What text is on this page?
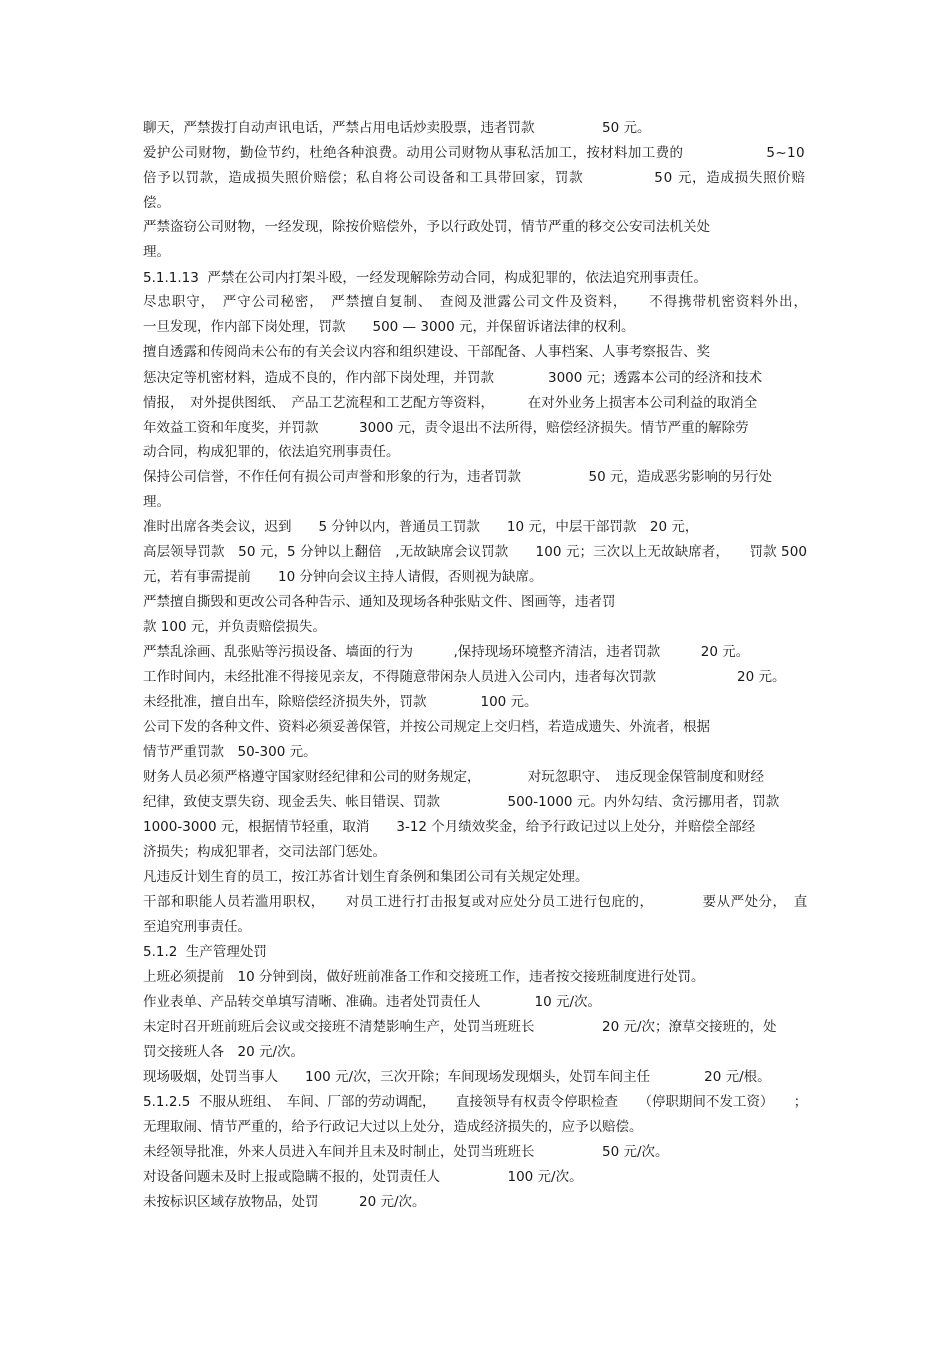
聊天，严禁拨打自动声讯电话，严禁占用电话炒卖股票，违者罚款　　　　　50 元。

爱护公司财物，勤俭节约，杜绝各种浪费。动用公司财物从事私活加工，按材料加工费的　　　　　　5~10

倍予以罚款，造成损失照价赔偿；私自将公司设备和工具带回家，罚款　　　　　50 元，造成损失照价赔

偿。

严禁盗窃公司财物，一经发现，除按价赔偿外，予以行政处罚，情节严重的移交公安司法机关处

理。

5.1.1.13  严禁在公司内打架斗殴，一经发现解除劳动合同，构成犯罪的，依法追究刑事责任。

尽忠职守，　严守公司秘密，　严禁擅自复制、　查阅及泄露公司文件及资料，　　不得携带机密资料外出，

一旦发现，作内部下岗处理，罚款　　500 — 3000 元，并保留诉诸法律的权利。

擅自透露和传阅尚未公布的有关会议内容和组织建设、干部配备、人事档案、人事考察报告、奖

惩决定等机密材料，造成不良的，作内部下岗处理，并罚款　　　　3000 元；透露本公司的经济和技术

情报，　对外提供图纸、　产品工艺流程和工艺配方等资料，　　　在对外业务上损害本公司利益的取消全

年效益工资和年度奖，并罚款　　　3000 元，责令退出不法所得，赔偿经济损失。情节严重的解除劳

动合同，构成犯罪的，依法追究刑事责任。

保持公司信誉，不作任何有损公司声誉和形象的行为，违者罚款　　　　　50 元，造成恶劣影响的另行处

理。

准时出席各类会议，迟到　　5 分钟以内，普通员工罚款　　10 元，中层干部罚款　20 元，

高层领导罚款　50 元，5 分钟以上翻倍　,无故缺席会议罚款　　100 元；三次以上无故缺席者，　　罚款 500

元，若有事需提前　　10 分钟向会议主持人请假，否则视为缺席。

严禁擅自撕毁和更改公司各种告示、通知及现场各种张贴文件、图画等，违者罚

款 100 元，并负责赔偿损失。

严禁乱涂画、乱张贴等污损设备、墙面的行为　　　,保持现场环境整齐清洁，违者罚款　　　20 元。

工作时间内，未经批准不得接见亲友，不得随意带闲杂人员进入公司内，违者每次罚款　　　　　　20 元。

未经批准，擅自出车，除赔偿经济损失外，罚款　　　　100 元。

公司下发的各种文件、资料必须妥善保管，并按公司规定上交归档，若造成遗失、外流者，根据

情节严重罚款　50-300 元。

财务人员必须严格遵守国家财经纪律和公司的财务规定，　　　　对玩忽职守、　违反现金保管制度和财经

纪律，致使支票失窃、现金丢失、帐目错误、罚款　　　　　500-1000 元。内外勾结、贪污挪用者，罚款

1000-3000 元，根据情节轻重，取消　　3-12 个月绩效奖金，给予行政记过以上处分，并赔偿全部经

济损失；构成犯罪者，交司法部门惩处。

凡违反计划生育的员工，按江苏省计划生育条例和集团公司有关规定处理。

干部和职能人员若滥用职权，　　对员工进行打击报复或对应处分员工进行包庇的，　　　　要从严处分，　直

至追究刑事责任。

5.1.2  生产管理处罚

上班必须提前　10 分钟到岗，做好班前准备工作和交接班工作，违者按交接班制度进行处罚。

作业表单、产品转交单填写清晰、准确。违者处罚责任人　　　　10 元/次。

未定时召开班前班后会议或交接班不清楚影响生产，处罚当班班长　　　　　20 元/次；潦草交接班的，处

罚交接班人各　20 元/次。

现场吸烟，处罚当事人　　100 元/次，三次开除；车间现场发现烟头，处罚车间主任　　　　20 元/根。

5.1.2.5  不服从班组、　车间、厂部的劳动调配，　　直接领导有权责令停职检查　　（停职期间不发工资）　　；

无理取闹、情节严重的，给予行政记大过以上处分，造成经济损失的，应予以赔偿。

未经领导批准，外来人员进入车间并且未及时制止，处罚当班班长　　　　　50 元/次。

对设备问题未及时上报或隐瞒不报的，处罚责任人　　　　　100 元/次。

未按标识区域存放物品，处罚　　　20 元/次。
